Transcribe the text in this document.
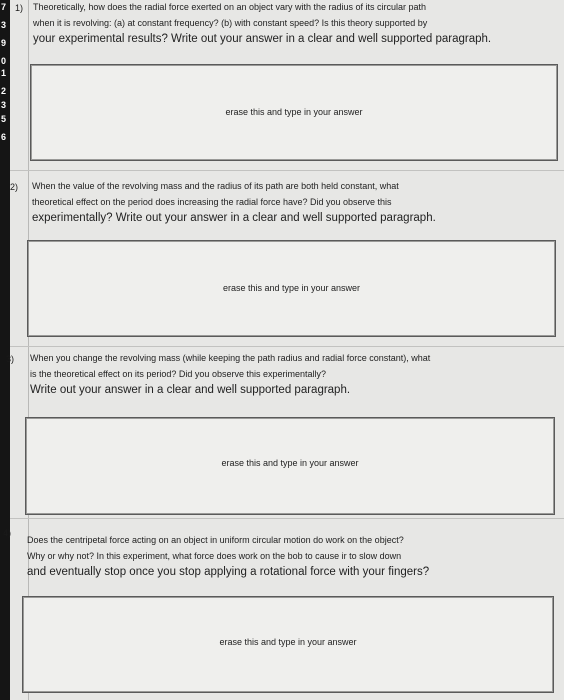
7
3
9
0
1
2
3
5
6
1) Theoretically, how does the radial force exerted on an object vary with the radius of its circular path
when it is revolving: (a) at constant frequency? (b) with constant speed? Is this theory supported by
your experimental results? Write out your answer in a clear and well supported paragraph.
erase this and type in your answer
2) When the value of the revolving mass and the radius of its path are both held constant, what
theoretical effect on the period does increasing the radial force have? Did you observe this
experimentally? Write out your answer in a clear and well supported paragraph.
erase this and type in your answer
3) When you change the revolving mass (while keeping the path radius and radial force constant), what
is the theoretical effect on its period? Did you observe this experimentally?
Write out your answer in a clear and well supported paragraph.
erase this and type in your answer
4)
Does the centripetal force acting on an object in uniform circular motion do work on the object?
Why or why not? In this experiment, what force does work on the bob to cause ir to slow down
and eventually stop once you stop applying a rotational force with your fingers?
erase this and type in your answer
